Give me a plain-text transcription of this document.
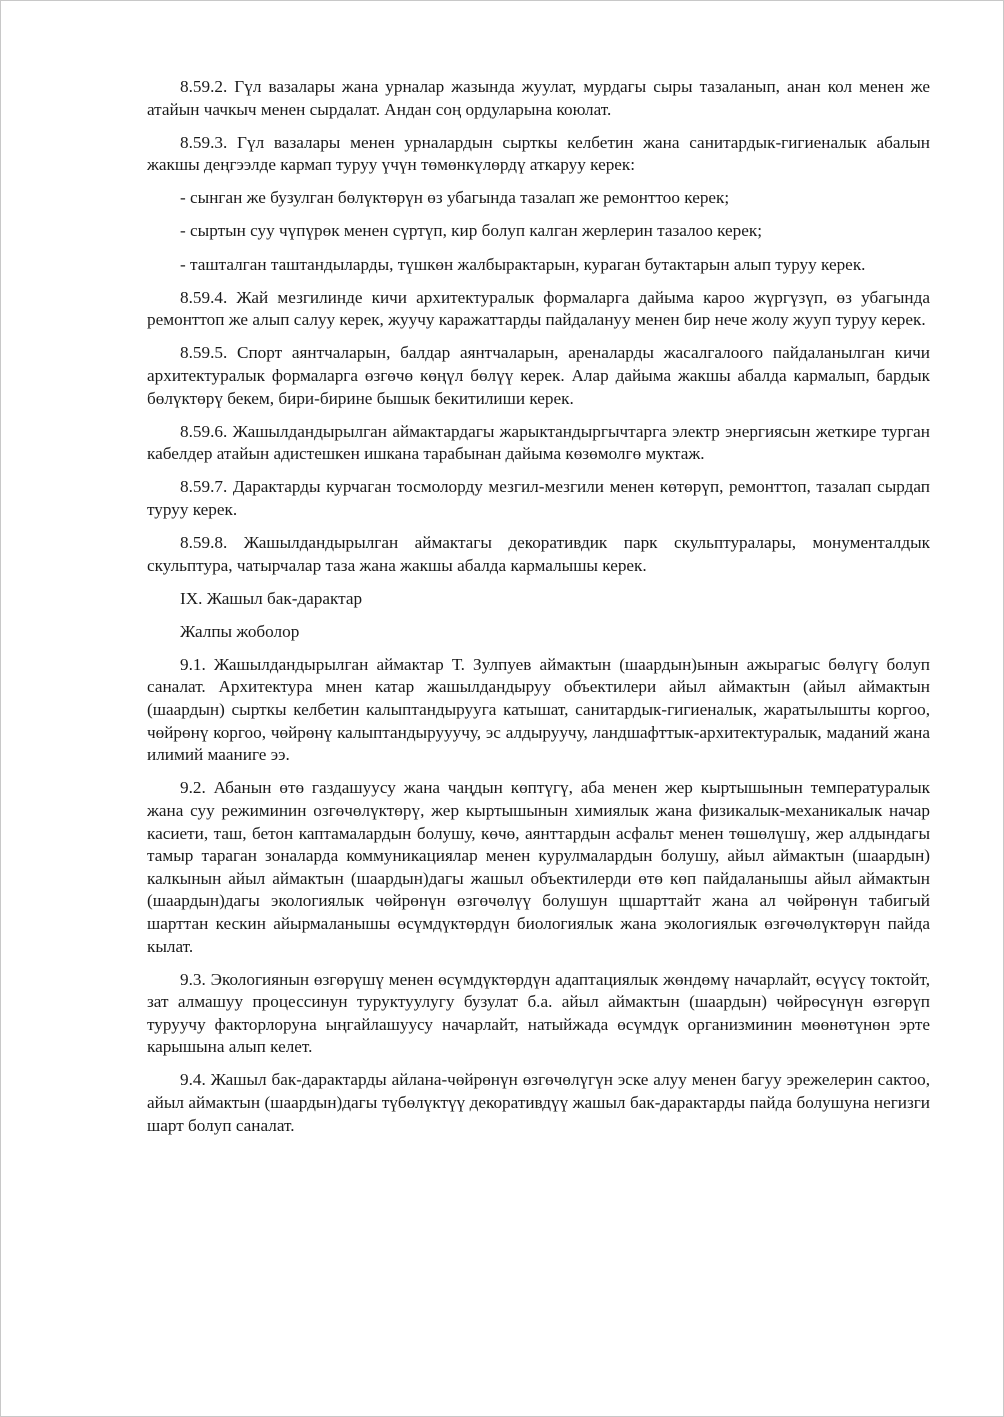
8.59.2. Гүл вазалары жана урналар жазында жуулат, мурдагы сыры тазаланып, анан кол менен же атайын чачкыч менен сырдалат. Андан соң ордуларына коюлат.

8.59.3. Гүл вазалары менен урналардын сырткы келбетин жана санитардык-гигиеналык абалын жакшы деңгээлде кармап туруу үчүн төмөнкүлөрдү аткаруу керек:

- сынган же бузулган бөлүктөрүн өз убагында тазалап же ремонттоо керек;

- сыртын суу чүпүрөк менен сүртүп, кир болуп калган жерлерин тазалоо керек;

- ташталган таштандыларды, түшкөн жалбырактарын, кураган бутактарын алып туруу керек.

8.59.4. Жай мезгилинде кичи архитектуралык формаларга дайыма кароо жүргүзүп, өз убагында ремонттоп же алып салуу керек, жуучу каражаттарды пайдалануу менен бир нече жолу жууп туруу керек.

8.59.5. Спорт аянтчаларын, балдар аянтчаларын, ареналарды жасалгалоого пайдаланылган кичи архитектуралык формаларга өзгөчө көңүл бөлүү керек. Алар дайыма жакшы абалда кармалып, бардык бөлүктөрү бекем, бири-бирине бышык бекитилиши керек.

8.59.6. Жашылдандырылган аймактардагы жарыктандыргычтарга электр энергиясын жеткире турган кабелдер атайын адистешкен ишкана тарабынан дайыма көзөмолгө муктаж.

8.59.7. Дарактарды курчаган тосмолорду мезгил-мезгили менен көтөрүп, ремонттоп, тазалап сырдап туруу керек.

8.59.8. Жашылдандырылган аймактагы декоративдик парк скульптуралары, монументалдык скульптура, чатырчалар таза жана жакшы абалда кармалышы керек.

IX. Жашыл бак-дарактар

Жалпы жоболор

9.1. Жашылдандырылган аймактар Т. Зулпуев аймактын (шаардын)ынын ажырагыс бөлүгү болуп саналат. Архитектура мнен катар жашылдандыруу объектилери айыл аймактын (айыл аймактын (шаардын) сырткы келбетин калыптандырууга катышат, санитардык-гигиеналык, жаратылышты коргоо, чөйрөнү коргоо, чөйрөнү калыптандырууучу, эс алдыруучу, ландшафттык-архитектуралык, маданий жана илимий мааниге ээ.

9.2. Абанын өтө газдашуусу жана чаңдын көптүгү, аба менен жер кыртышынын температуралык жана суу режиминин озгөчөлүктөрү, жер кыртышынын химиялык жана физикалык-механикалык начар касиети, таш, бетон каптамалардын болушу, көчө, аянттардын асфальт менен төшөлүшү, жер алдындагы тамыр тараган зоналарда коммуникациялар менен курулмалардын болушу, айыл аймактын (шаардын) калкынын айыл аймактын (шаардын)дагы жашыл объектилерди өтө көп пайдаланышы айыл аймактын (шаардын)дагы экологиялык чөйрөнүн өзгөчөлүү болушун щшарттайт жана ал чөйрөнүн табигый шарттан кескин айырмаланышы өсүмдүктөрдүн биологиялык жана экологиялык өзгөчөлүктөрүн пайда кылат.

9.3. Экологиянын өзгөрүшү менен өсүмдүктөрдүн адаптациялык жөндөмү начарлайт, өсүүсү токтойт, зат алмашуу процессинун туруктуулугу бузулат б.а. айыл аймактын (шаардын) чөйрөсүнүн өзгөрүп туруучу факторлоруна ыңгайлашуусу начарлайт, натыйжада өсүмдүк организминин мөөнөтүнөн эрте карышына алып келет.

9.4. Жашыл бак-дарактарды айлана-чөйрөнүн өзгөчөлүгүн эске алуу менен багуу эрежелерин сактоо, айыл аймактын (шаардын)дагы түбөлүктүү декоративдүү жашыл бак-дарактарды пайда болушуна негизги шарт болуп саналат.
